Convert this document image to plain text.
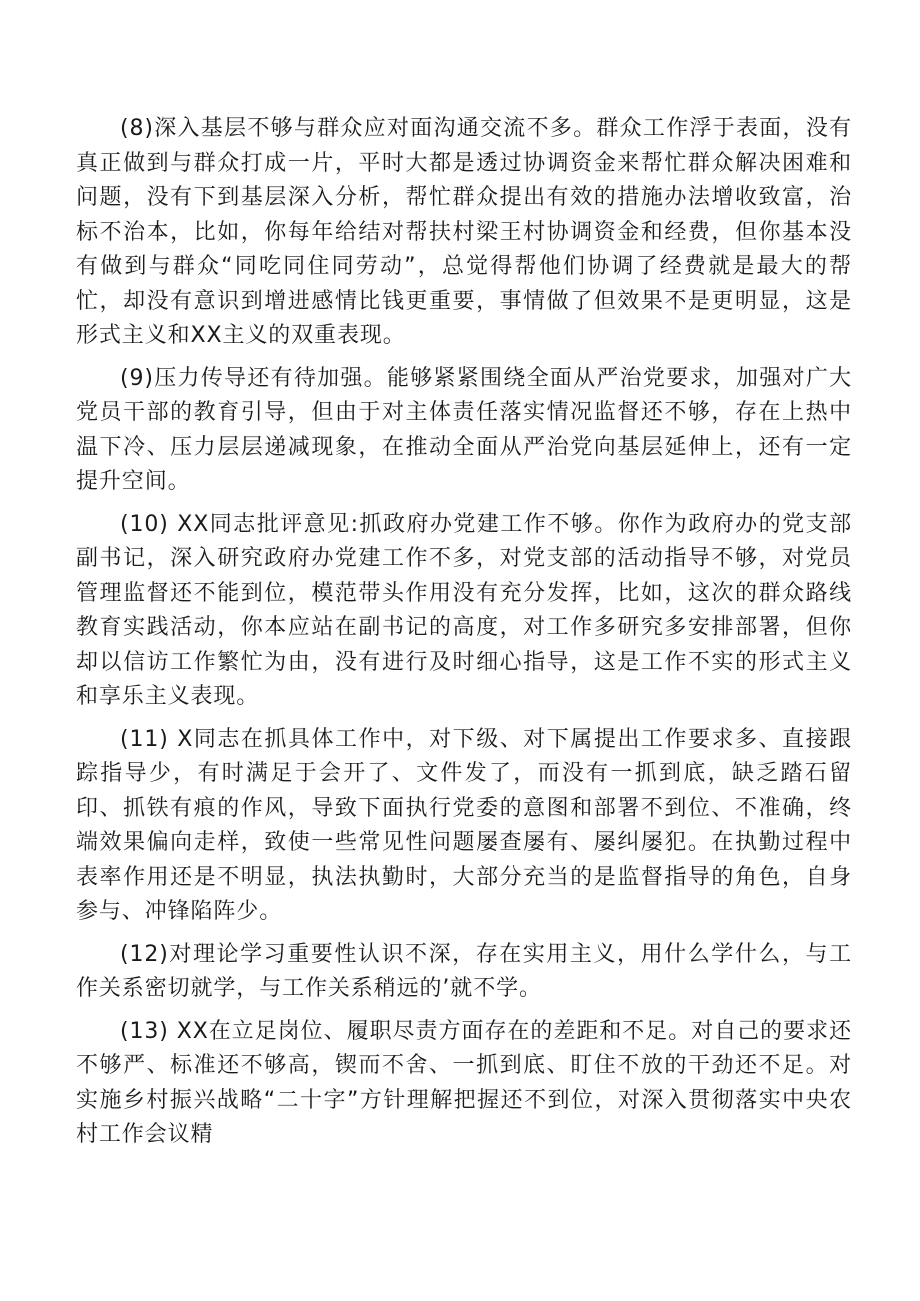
(8)深入基层不够与群众应对面沟通交流不多。群众工作浮于表面，没有真正做到与群众打成一片，平时大都是透过协调资金来帮忙群众解决困难和问题，没有下到基层深入分析，帮忙群众提出有效的措施办法增收致富，治标不治本，比如，你每年给结对帮扶村梁王村协调资金和经费，但你基本没有做到与群众“同吃同住同劳动”，总觉得帮他们协调了经费就是最大的帮忙，却没有意识到增进感情比钱更重要，事情做了但效果不是更明显，这是形式主义和XX主义的双重表现。

(9)压力传导还有待加强。能够紧紧围绕全面从严治党要求，加强对广大党员干部的教育引导，但由于对主体责任落实情况监督还不够，存在上热中温下冷、压力层层递减现象，在推动全面从严治党向基层延伸上，还有一定提升空间。

(10) XX同志批评意见:抓政府办党建工作不够。你作为政府办的党支部副书记，深入研究政府办党建工作不多，对党支部的活动指导不够，对党员管理监督还不能到位，模范带头作用没有充分发挥，比如，这次的群众路线教育实践活动，你本应站在副书记的高度，对工作多研究多安排部署，但你却以信访工作繁忙为由，没有进行及时细心指导，这是工作不实的形式主义和享乐主义表现。

(11) X同志在抓具体工作中，对下级、对下属提出工作要求多、直接跟踪指导少，有时满足于会开了、文件发了，而没有一抓到底，缺乏踏石留印、抓铁有痕的作风，导致下面执行党委的意图和部署不到位、不准确，终端效果偏向走样，致使一些常见性问题屡查屡有、屡纠屡犯。在执勤过程中表率作用还是不明显，执法执勤时，大部分充当的是监督指导的角色，自身参与、冲锋陷阵少。

(12)对理论学习重要性认识不深，存在实用主义，用什么学什么，与工作关系密切就学，与工作关系稍远的’就不学。

(13) XX在立足岗位、履职尽责方面存在的差距和不足。对自己的要求还不够严、标准还不够高，锲而不舍、一抓到底、盯住不放的干劲还不足。对实施乡村振兴战略“二十字”方针理解把握还不到位，对深入贯彻落实中央农村工作会议精
